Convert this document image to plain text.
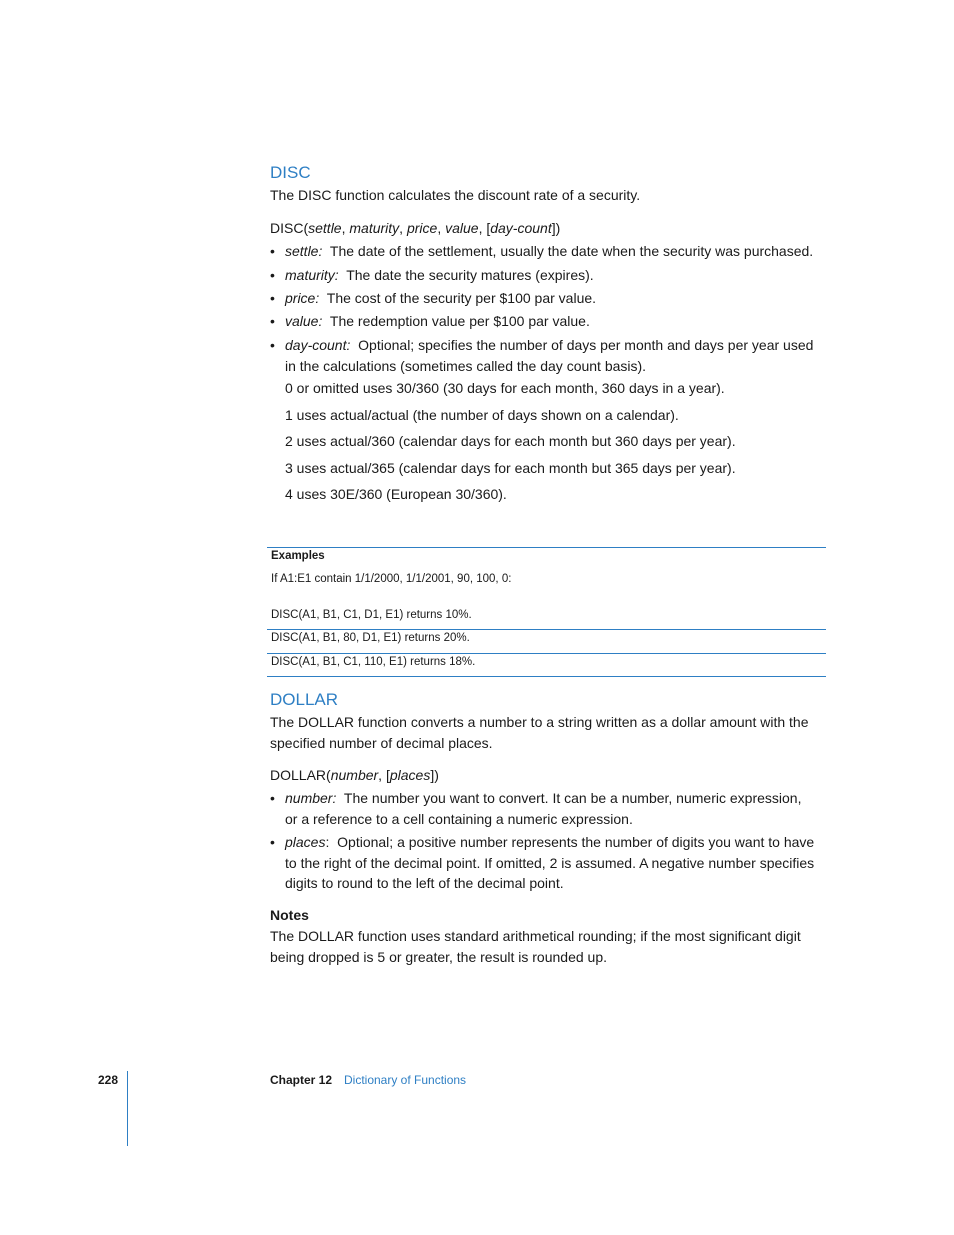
DISC
The DISC function calculates the discount rate of a security.
DISC(settle, maturity, price, value, [day-count])
• settle: The date of the settlement, usually the date when the security was purchased.
• maturity: The date the security matures (expires).
• price: The cost of the security per $100 par value.
• value: The redemption value per $100 par value.
• day-count: Optional; specifies the number of days per month and days per year used in the calculations (sometimes called the day count basis).
0 or omitted uses 30/360 (30 days for each month, 360 days in a year).
1 uses actual/actual (the number of days shown on a calendar).
2 uses actual/360 (calendar days for each month but 360 days per year).
3 uses actual/365 (calendar days for each month but 365 days per year).
4 uses 30E/360 (European 30/360).
Examples
If A1:E1 contain 1/1/2000, 1/1/2001, 90, 100, 0:
DISC(A1, B1, C1, D1, E1) returns 10%.
DISC(A1, B1, 80, D1, E1) returns 20%.
DISC(A1, B1, C1, 110, E1) returns 18%.
DOLLAR
The DOLLAR function converts a number to a string written as a dollar amount with the specified number of decimal places.
DOLLAR(number, [places])
• number: The number you want to convert. It can be a number, numeric expression, or a reference to a cell containing a numeric expression.
• places: Optional; a positive number represents the number of digits you want to have to the right of the decimal point. If omitted, 2 is assumed. A negative number specifies digits to round to the left of the decimal point.
Notes
The DOLLAR function uses standard arithmetical rounding; if the most significant digit being dropped is 5 or greater, the result is rounded up.
228	Chapter 12 Dictionary of Functions
